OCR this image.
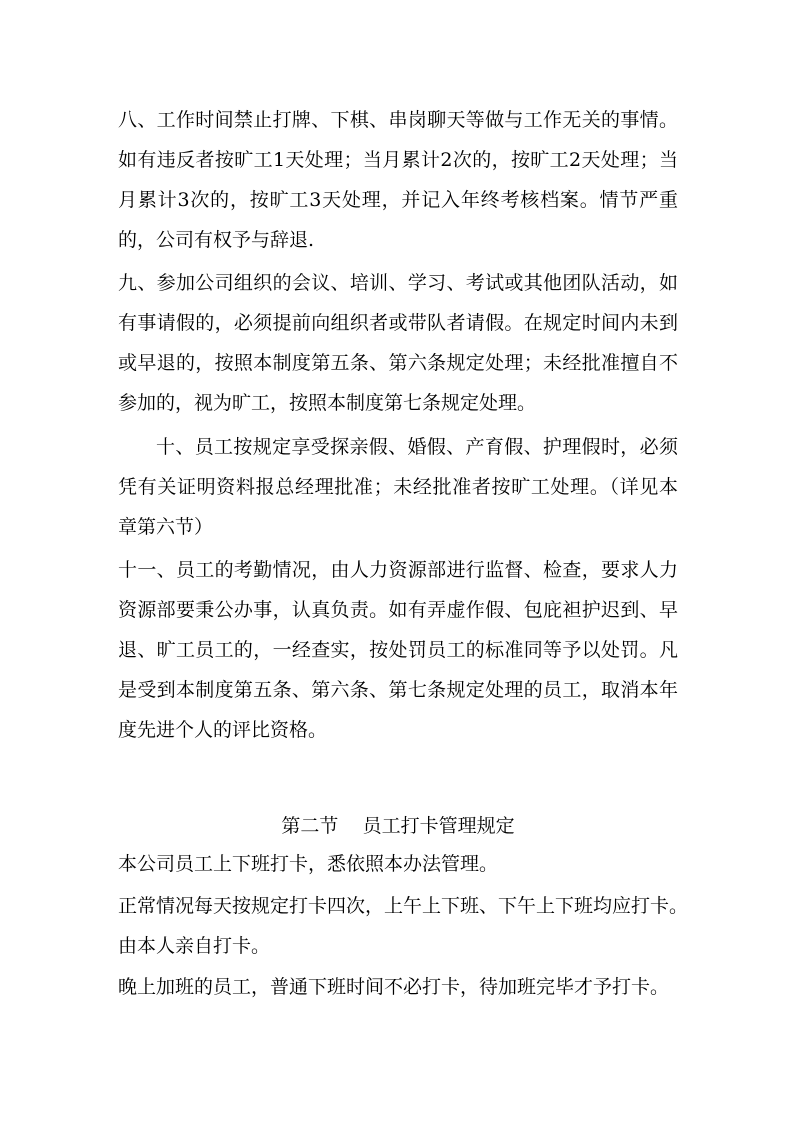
八、工作时间禁止打牌、下棋、串岗聊天等做与工作无关的事情。如有违反者按旷工1天处理；当月累计2次的，按旷工2天处理；当月累计3次的，按旷工3天处理，并记入年终考核档案。情节严重的，公司有权予与辞退.

九、参加公司组织的会议、培训、学习、考试或其他团队活动，如有事请假的，必须提前向组织者或带队者请假。在规定时间内未到或早退的，按照本制度第五条、第六条规定处理；未经批准擅自不参加的，视为旷工，按照本制度第七条规定处理。

十、员工按规定享受探亲假、婚假、产育假、护理假时，必须凭有关证明资料报总经理批准；未经批准者按旷工处理。（详见本章第六节）

十一、员工的考勤情况，由人力资源部进行监督、检查，要求人力资源部要秉公办事，认真负责。如有弄虚作假、包庇袒护迟到、早退、旷工员工的，一经查实，按处罚员工的标准同等予以处罚。凡是受到本制度第五条、第六条、第七条规定处理的员工，取消本年度先进个人的评比资格。

第二节    员工打卡管理规定

本公司员工上下班打卡，悉依照本办法管理。

正常情况每天按规定打卡四次，上午上下班、下午上下班均应打卡。

由本人亲自打卡。

晚上加班的员工，普通下班时间不必打卡，待加班完毕才予打卡。
